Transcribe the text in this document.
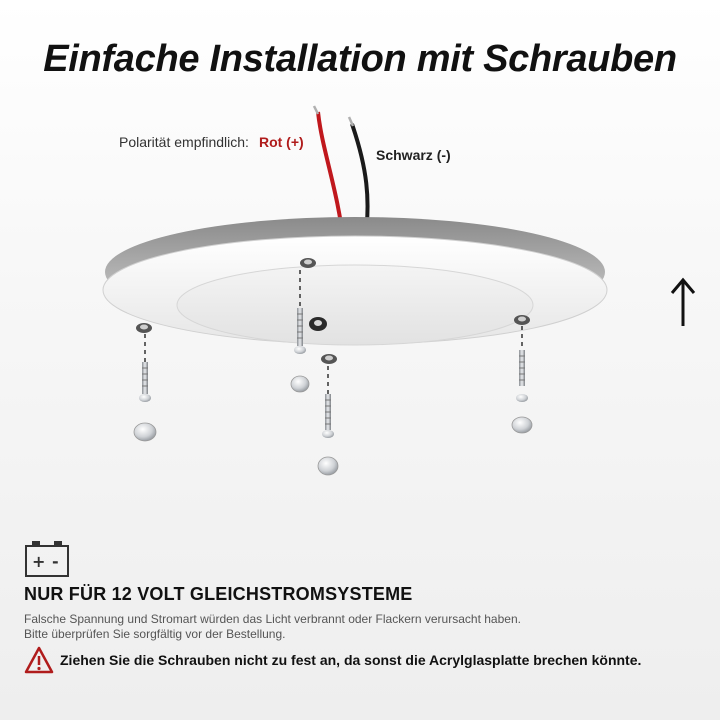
Einfache Installation mit Schrauben
Polarität empfindlich: Rot (+)
Schwarz (-)
+ -
NUR FÜR 12 VOLT GLEICHSTROMSYSTEME
Falsche Spannung und Stromart würden das Licht verbrannt oder Flackern verursacht haben.
Bitte überprüfen Sie sorgfältig vor der Bestellung.
Ziehen Sie die Schrauben nicht zu fest an, da sonst die Acrylglasplatte brechen könnte.
